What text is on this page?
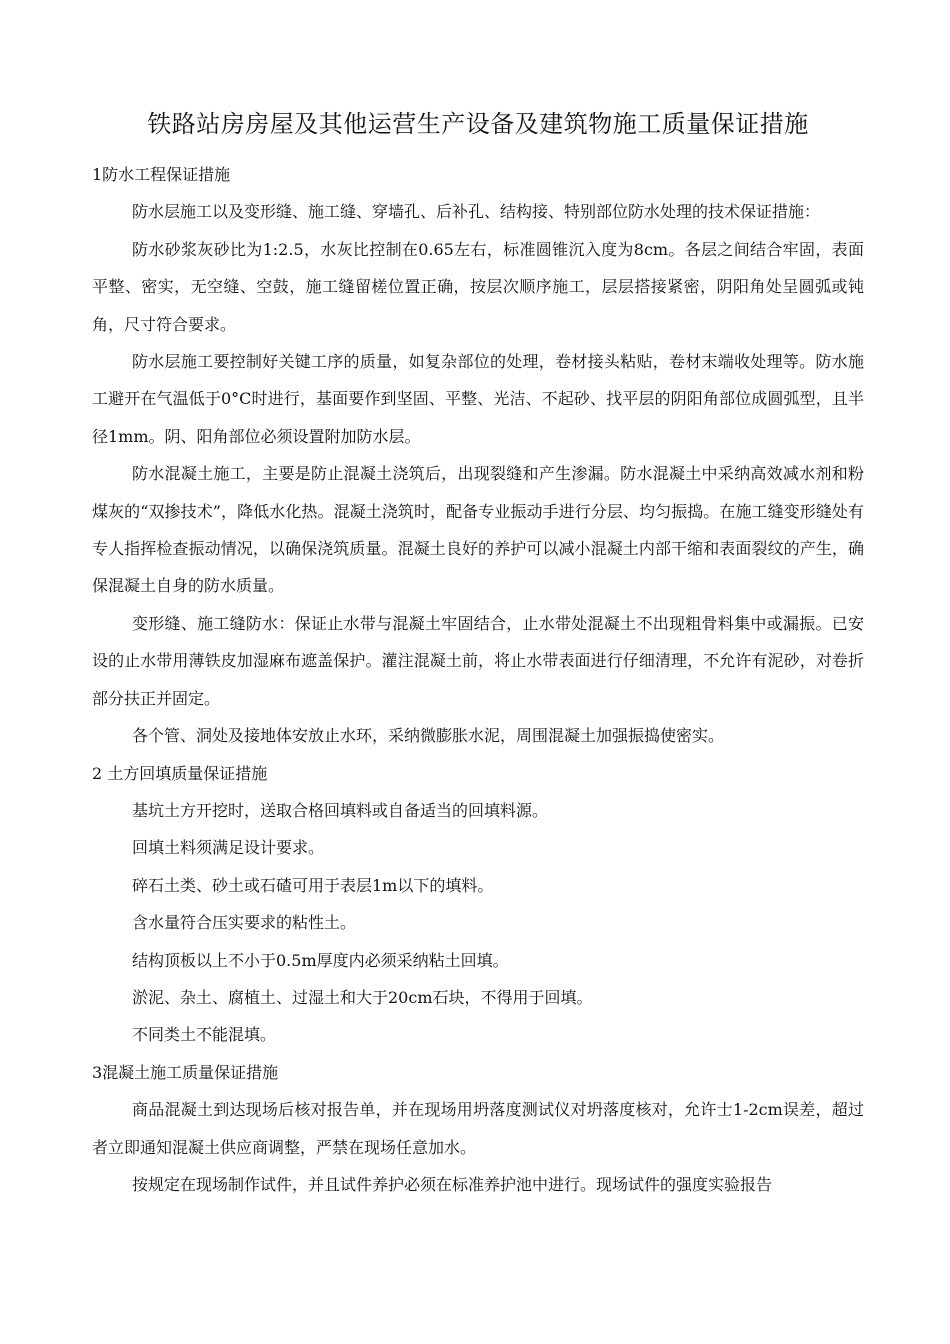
铁路站房房屋及其他运营生产设备及建筑物施工质量保证措施

1防水工程保证措施

防水层施工以及变形缝、施工缝、穿墙孔、后补孔、结构接、特别部位防水处理的技术保证措施：

防水砂浆灰砂比为1:2.5，水灰比控制在0.65左右，标准圆锥沉入度为8cm。各层之间结合牢固，表面平整、密实，无空缝、空鼓，施工缝留槎位置正确，按层次顺序施工，层层搭接紧密，阴阳角处呈圆弧或钝角，尺寸符合要求。

防水层施工要控制好关键工序的质量，如复杂部位的处理，卷材接头粘贴，卷材末端收处理等。防水施工避开在气温低于0°C时进行，基面要作到坚固、平整、光洁、不起砂、找平层的阴阳角部位成圆弧型，且半径1mm。阴、阳角部位必须设置附加防水层。

防水混凝土施工，主要是防止混凝土浇筑后，出现裂缝和产生渗漏。防水混凝土中采纳高效减水剂和粉煤灰的“双掺技术”，降低水化热。混凝土浇筑时，配备专业振动手进行分层、均匀振捣。在施工缝变形缝处有专人指挥检查振动情况，以确保浇筑质量。混凝土良好的养护可以减小混凝土内部干缩和表面裂纹的产生，确保混凝土自身的防水质量。

变形缝、施工缝防水：保证止水带与混凝土牢固结合，止水带处混凝土不出现粗骨料集中或漏振。已安设的止水带用薄铁皮加湿麻布遮盖保护。灌注混凝土前，将止水带表面进行仔细清理，不允许有泥砂，对卷折部分扶正并固定。

各个管、洞处及接地体安放止水环，采纳微膨胀水泥，周围混凝土加强振捣使密实。

2 土方回填质量保证措施

基坑土方开挖时，送取合格回填料或自备适当的回填料源。

回填土料须满足设计要求。

碎石土类、砂土或石碴可用于表层1m以下的填料。

含水量符合压实要求的粘性土。

结构顶板以上不小于0.5m厚度内必须采纳粘土回填。

淤泥、杂土、腐植土、过湿土和大于20cm石块，不得用于回填。

不同类土不能混填。

3混凝土施工质量保证措施

商品混凝土到达现场后核对报告单，并在现场用坍落度测试仪对坍落度核对，允许士1-2cm误差，超过者立即通知混凝土供应商调整，严禁在现场任意加水。

按规定在现场制作试件，并且试件养护必须在标准养护池中进行。现场试件的强度实验报告
